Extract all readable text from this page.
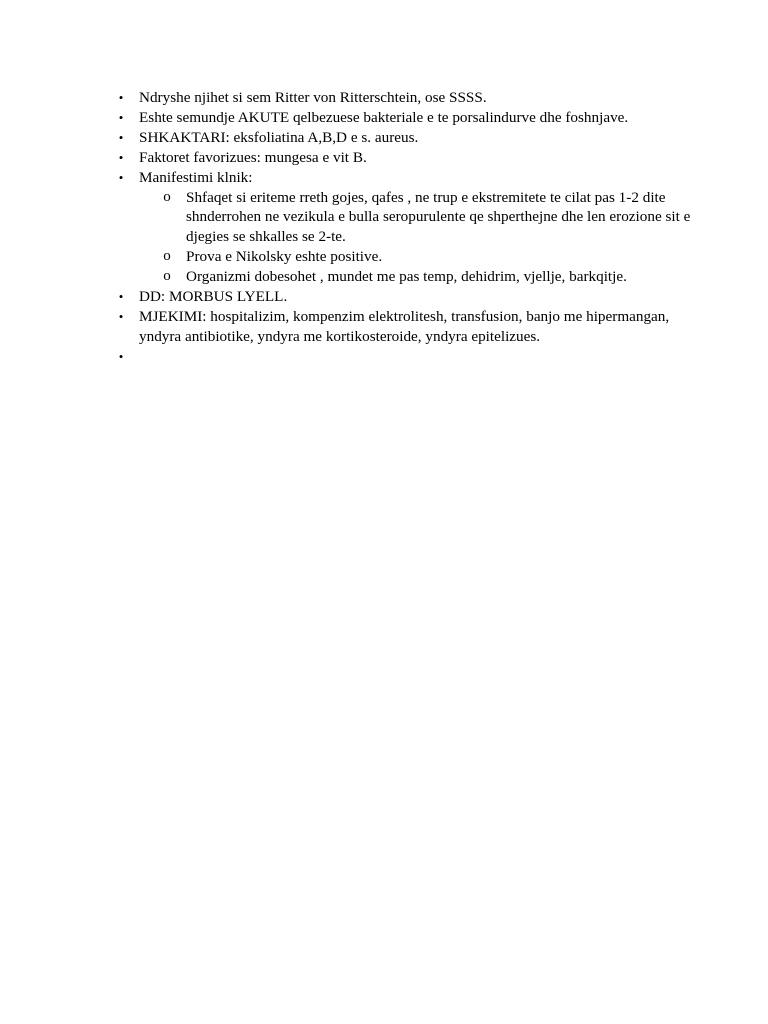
• Ndryshe njihet si sem Ritter von Ritterschtein, ose SSSS.
• Eshte semundje AKUTE qelbezuese bakteriale e te porsalindurve dhe foshnjave.
• SHKAKTARI: eksfoliatina A,B,D e s. aureus.
• Faktoret favorizues: mungesa e vit B.
• Manifestimi klnik:
o Shfaqet si eriteme rreth gojes, qafes , ne trup e ekstremitete te cilat pas 1-2 dite shnderrohen ne vezikula e bulla seropurulente qe shperthejne dhe len erozione sit e djegies se shkalles se 2-te.
o Prova e Nikolsky eshte positive.
o Organizmi dobesohet , mundet me pas temp, dehidrim, vjellje, barkqitje.
• DD: MORBUS LYELL.
• MJEKIMI: hospitalizim, kompenzim elektrolitesh, transfusion, banjo me hipermangan, yndyra antibiotike, yndyra me kortikosteroide, yndyra epitelizues.
•
